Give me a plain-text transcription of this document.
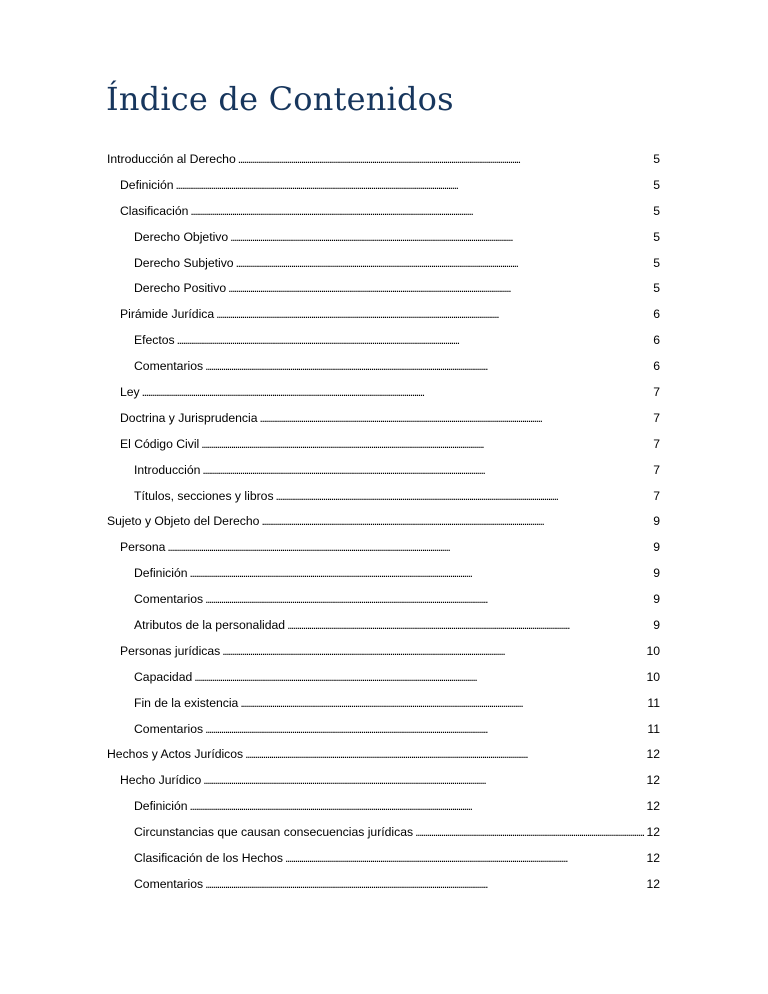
Índice de Contenidos
Introducción al Derecho . . .	5
Definición . . .	5
Clasificación . . .	5
Derecho Objetivo . . .	5
Derecho Subjetivo . . .	5
Derecho Positivo . . .	5
Pirámide Jurídica . . .	6
Efectos . . .	6
Comentarios . . .	6
Ley . . .	7
Doctrina y Jurisprudencia . . .	7
El Código Civil . . .	7
Introducción . . .	7
Títulos, secciones y libros . . .	7
Sujeto y Objeto del Derecho . . .	9
Persona . . .	9
Definición . . .	9
Comentarios . . .	9
Atributos de la personalidad . . .	9
Personas jurídicas . . .	10
Capacidad . . .	10
Fin de la existencia . . .	11
Comentarios . . .	11
Hechos y Actos Jurídicos . . .	12
Hecho Jurídico . . .	12
Definición . . .	12
Circunstancias que causan consecuencias jurídicas . . .	12
Clasificación de los Hechos . . .	12
Comentarios . . .	12
